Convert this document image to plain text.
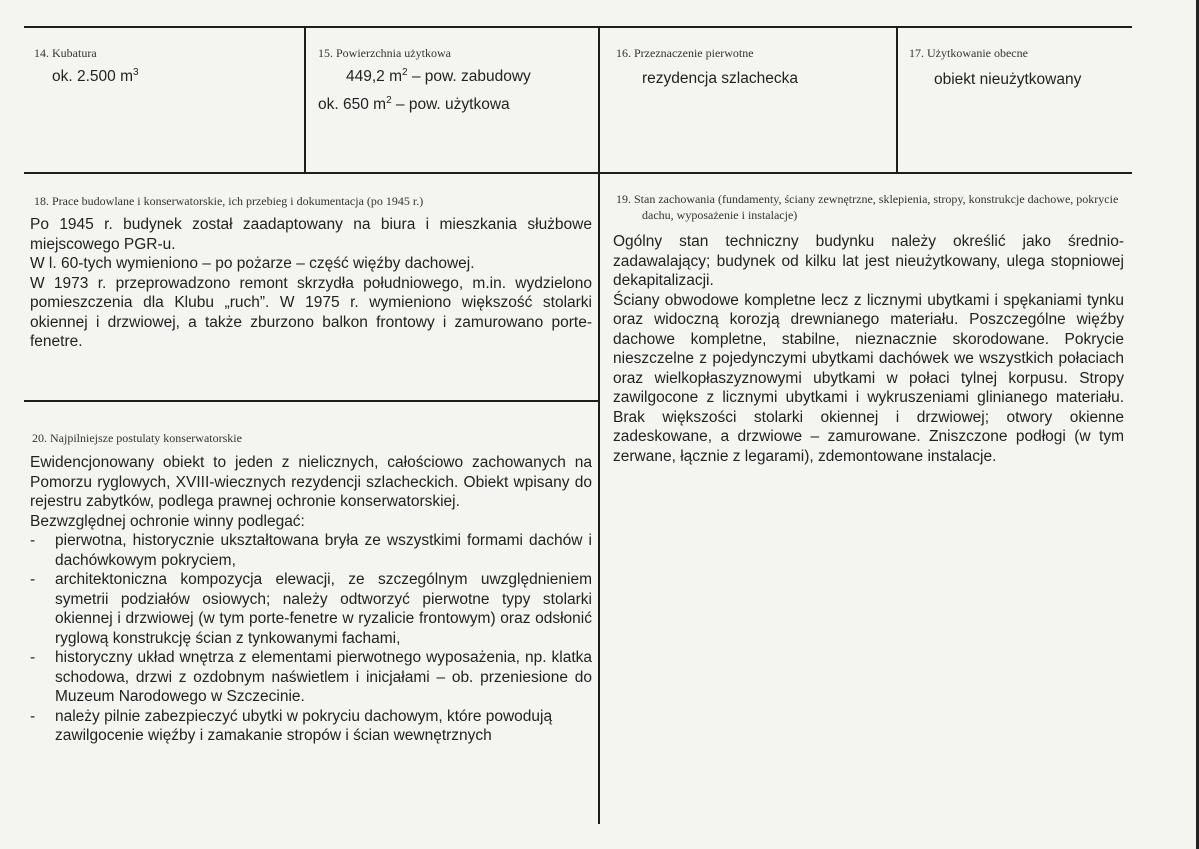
14. Kubatura
ok. 2.500 $m^3$
15. Powierzchnia użytkowa
449,2 $m^2$ – pow. zabudowy
ok. 650 $m^2$ – pow. użytkowa
16. Przeznaczenie pierwotne
rezydencja szlachecka
17. Użytkowanie obecne
obiekt nieużytkowany
18. Prace budowlane i konserwatorskie, ich przebieg i dokumentacja (po 1945 r.)

Po 1945 r. budynek został zaadaptowany na biura i mieszkania służbowe miejscowego PGR-u.

W l. 60-tych wymieniono – po pożarze – część więźby dachowej.

W 1973 r. przeprowadzono remont skrzydła południowego, m.in. wydzielono pomieszczenia dla Klubu „ruch”. W 1975 r. wymieniono większość stolarki okiennej i drzwiowej, a także zburzono balkon frontowy i zamurowano porte-fenetre.

20. Najpilniejsze postulaty konserwatorskie

Ewidencjonowany obiekt to jeden z nielicznych, całościowo zachowanych na Pomorzu ryglowych, XVIII-wiecznych rezydencji szlacheckich. Obiekt wpisany do rejestru zabytków, podlega prawnej ochronie konserwatorskiej.

Bezwzględnej ochronie winny podlegać:

- pierwotna, historycznie ukształtowana bryła ze wszystkimi formami dachów i dachówkowym pokryciem,
- architektoniczna kompozycja elewacji, ze szczególnym uwzględnieniem symetrii podziałów osiowych; należy odtworzyć pierwotne typy stolarki okiennej i drzwiowej (w tym porte-fenetre w ryzalicie frontowym) oraz odsłonić ryglową konstrukcję ścian z tynkowanymi fachami,
- historyczny układ wnętrza z elementami pierwotnego wyposażenia, np. klatka schodowa, drzwi z ozdobnym naświetlem i inicjałami – ob. przeniesione do Muzeum Narodowego w Szczecinie.
- należy pilnie zabezpieczyć ubytki w pokryciu dachowym, które powodują zawilgocenie więźby i zamakanie stropów i ścian wewnętrznych
19. Stan zachowania (fundamenty, ściany zewnętrzne, sklepienia, stropy, konstrukcje dachowe, pokrycie dachu, wyposażenie i instalacje)

Ogólny stan techniczny budynku należy określić jako średnio-zadawalający; budynek od kilku lat jest nieużytkowany, ulega stopniowej dekapitalizacji.

Ściany obwodowe kompletne lecz z licznymi ubytkami i spękaniami tynku oraz widoczną korozją drewnianego materiału. Poszczególne więźby dachowe kompletne, stabilne, nieznacznie skorodowane. Pokrycie nieszczelne z pojedynczymi ubytkami dachówek we wszystkich połaciach oraz wielkopłaszyznowymi ubytkami w połaci tylnej korpusu. Stropy zawilgocone z licznymi ubytkami i wykruszeniami glinianego materiału. Brak większości stolarki okiennej i drzwiowej; otwory okienne zadeskowane, a drzwiowe – zamurowane. Zniszczone podłogi (w tym zerwane, łącznie z legarami), zdemontowane instalacje.
